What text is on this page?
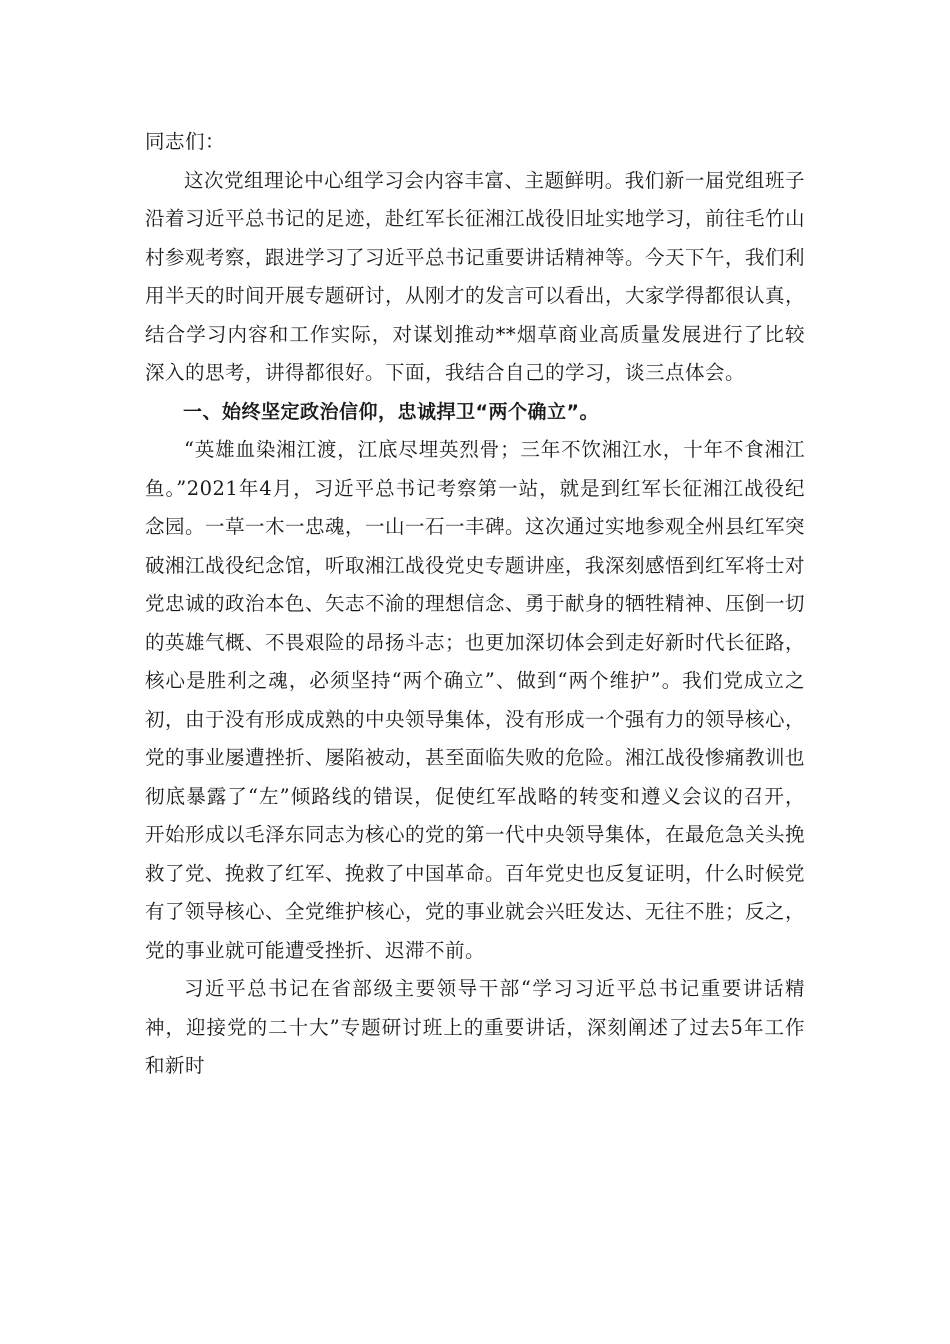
同志们：

这次党组理论中心组学习会内容丰富、主题鲜明。我们新一届党组班子沿着习近平总书记的足迹，赴红军长征湘江战役旧址实地学习，前往毛竹山村参观考察，跟进学习了习近平总书记重要讲话精神等。今天下午，我们利用半天的时间开展专题研讨，从刚才的发言可以看出，大家学得都很认真，结合学习内容和工作实际，对谋划推动**烟草商业高质量发展进行了比较深入的思考，讲得都很好。下面，我结合自己的学习，谈三点体会。

一、始终坚定政治信仰，忠诚捍卫“两个确立”。

“英雄血染湘江渡，江底尽埋英烈骨；三年不饮湘江水，十年不食湘江鱼。”2021年4月，习近平总书记考察第一站，就是到红军长征湘江战役纪念园。一草一木一忠魂，一山一石一丰碑。这次通过实地参观全州县红军突破湘江战役纪念馆，听取湘江战役党史专题讲座，我深刻感悟到红军将士对党忠诚的政治本色、矢志不渝的理想信念、勇于献身的牺牲精神、压倒一切的英雄气概、不畏艰险的昂扬斗志；也更加深切体会到走好新时代长征路，核心是胜利之魂，必须坚持“两个确立”、做到“两个维护”。我们党成立之初，由于没有形成成熟的中央领导集体，没有形成一个强有力的领导核心，党的事业屡遭挫折、屡陷被动，甚至面临失败的危险。湘江战役惨痛教训也彻底暴露了“左”倾路线的错误，促使红军战略的转变和遵义会议的召开，开始形成以毛泽东同志为核心的党的第一代中央领导集体，在最危急关头挽救了党、挽救了红军、挽救了中国革命。百年党史也反复证明，什么时候党有了领导核心、全党维护核心，党的事业就会兴旺发达、无往不胜；反之，党的事业就可能遭受挫折、迟滞不前。

习近平总书记在省部级主要领导干部“学习习近平总书记重要讲话精神，迎接党的二十大”专题研讨班上的重要讲话，深刻阐述了过去5年工作和新时
